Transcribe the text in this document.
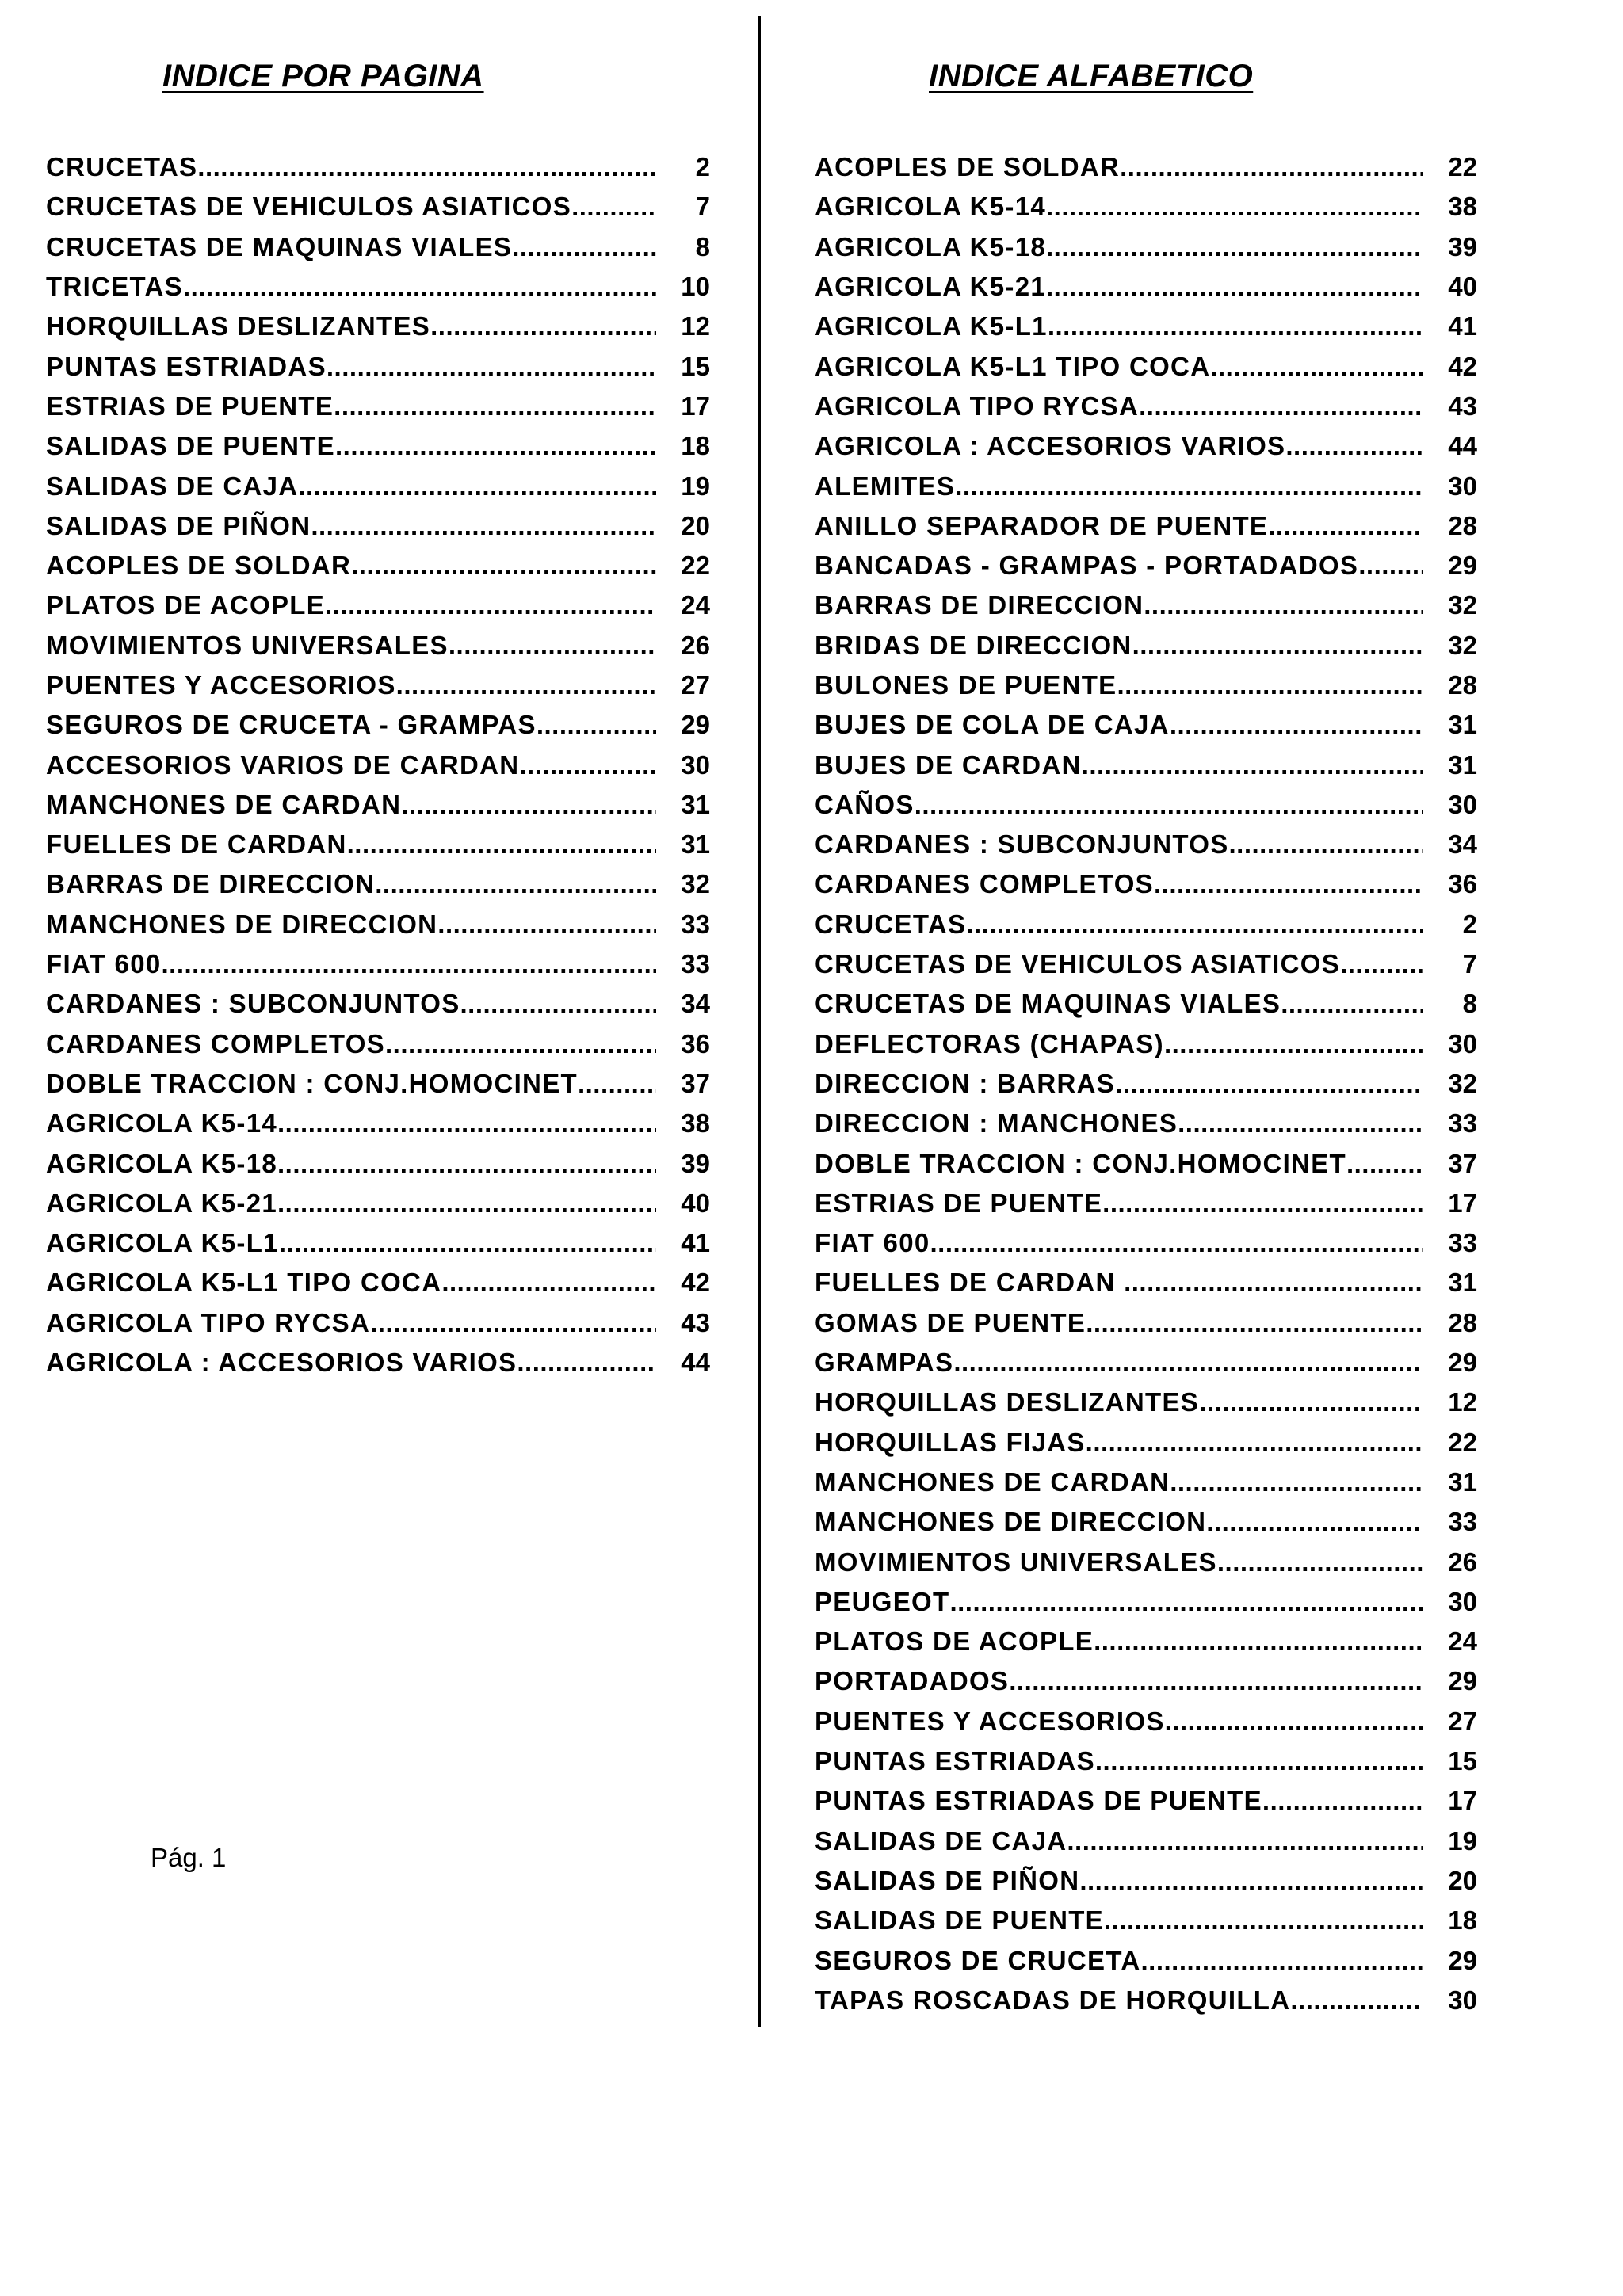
INDICE POR PAGINA	INDICE ALFABETICO
CRUCETAS .....	2
CRUCETAS DE VEHICULOS ASIATICOS .....	7
CRUCETAS DE MAQUINAS VIALES .....	8
TRICETAS .....	10
HORQUILLAS DESLIZANTES .....	12
PUNTAS ESTRIADAS .....	15
ESTRIAS DE PUENTE .....	17
SALIDAS DE PUENTE .....	18
SALIDAS DE CAJA .....	19
SALIDAS DE PIÑON .....	20
ACOPLES DE SOLDAR .....	22
PLATOS DE ACOPLE .....	24
MOVIMIENTOS UNIVERSALES .....	26
PUENTES Y ACCESORIOS .....	27
SEGUROS DE CRUCETA - GRAMPAS .....	29
ACCESORIOS VARIOS DE CARDAN .....	30
MANCHONES DE CARDAN .....	31
FUELLES DE CARDAN .....	31
BARRAS DE DIRECCION .....	32
MANCHONES DE DIRECCION .....	33
FIAT 600 .....	33
CARDANES : SUBCONJUNTOS .....	34
CARDANES COMPLETOS .....	36
DOBLE TRACCION : CONJ.HOMOCINET .....	37
AGRICOLA K5-14 .....	38
AGRICOLA K5-18 .....	39
AGRICOLA K5-21 .....	40
AGRICOLA K5-L1 .....	41
AGRICOLA K5-L1 TIPO COCA .....	42
AGRICOLA TIPO RYCSA .....	43
AGRICOLA : ACCESORIOS VARIOS .....	44
ACOPLES DE SOLDAR .....	22
AGRICOLA K5-14 .....	38
AGRICOLA K5-18 .....	39
AGRICOLA K5-21 .....	40
AGRICOLA K5-L1 .....	41
AGRICOLA K5-L1 TIPO COCA .....	42
AGRICOLA TIPO RYCSA .....	43
AGRICOLA : ACCESORIOS VARIOS .....	44
ALEMITES .....	30
ANILLO SEPARADOR DE PUENTE .....	28
BANCADAS - GRAMPAS - PORTADADOS .....	29
BARRAS DE DIRECCION .....	32
BRIDAS DE DIRECCION .....	32
BULONES DE PUENTE .....	28
BUJES DE COLA DE CAJA .....	31
BUJES DE CARDAN .....	31
CAÑOS .....	30
CARDANES : SUBCONJUNTOS .....	34
CARDANES COMPLETOS .....	36
CRUCETAS .....	2
CRUCETAS DE VEHICULOS ASIATICOS .....	7
CRUCETAS DE MAQUINAS VIALES .....	8
DEFLECTORAS (CHAPAS) .....	30
DIRECCION : BARRAS .....	32
DIRECCION : MANCHONES .....	33
DOBLE TRACCION : CONJ.HOMOCINET .....	37
ESTRIAS DE PUENTE .....	17
FIAT 600 .....	33
FUELLES DE CARDAN .....	31
GOMAS DE PUENTE .....	28
GRAMPAS .....	29
HORQUILLAS DESLIZANTES .....	12
HORQUILLAS FIJAS .....	22
MANCHONES DE CARDAN .....	31
MANCHONES DE DIRECCION .....	33
MOVIMIENTOS UNIVERSALES .....	26
PEUGEOT .....	30
PLATOS DE ACOPLE .....	24
PORTADADOS .....	29
PUENTES Y ACCESORIOS .....	27
PUNTAS ESTRIADAS .....	15
PUNTAS ESTRIADAS DE PUENTE .....	17
SALIDAS DE CAJA .....	19
SALIDAS DE PIÑON .....	20
SALIDAS DE PUENTE .....	18
SEGUROS DE CRUCETA .....	29
TAPAS ROSCADAS DE HORQUILLA .....	30
Pág. 1
